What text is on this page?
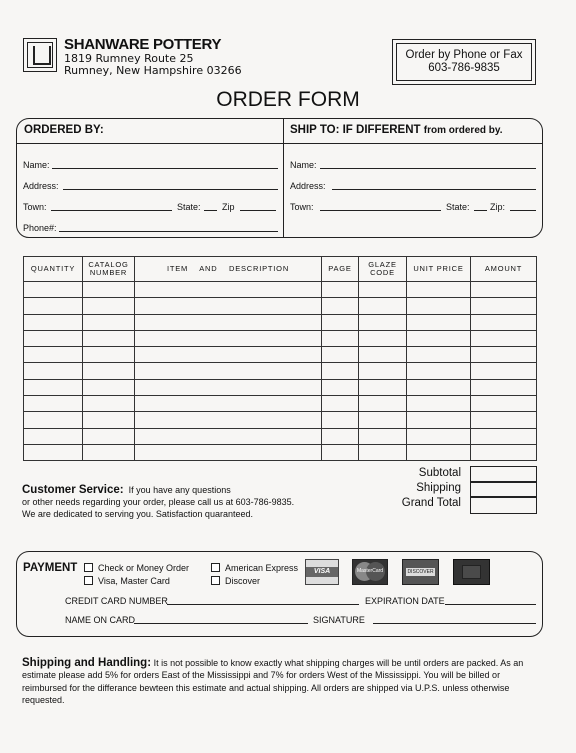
SHANWARE POTTERY
1819 Rumney Route 25
Rumney, New Hampshire 03266
Order by Phone or Fax
603-786-9835
ORDER FORM
ORDERED BY:	SHIP TO: IF DIFFERENT from ordered by.
Name:
Address:
Town:	State: Zip
Phone#:
Name:
Address:
Town:	State: Zip:
QUANTITY	CATALOG NUMBER	ITEM    AND    DESCRIPTION	PAGE	GLAZE CODE	UNIT PRICE	AMOUNT

Subtotal
Shipping
Grand Total
Customer Service: If you have any questions
or other needs regarding your order, please call us at 603-786-9835.
We are dedicated to serving you. Satisfaction quaranteed.
PAYMENT	Check or Money Order
Visa, Master Card
American Express
Discover
VISA	MasterCard	DISCOVER
CREDIT CARD NUMBER	EXPIRATION DATE
NAME ON CARD	SIGNATURE
Shipping and Handling: It is not possible to know exactly what shipping charges will be until orders are packed. As an estimate please add 5% for orders East of the Mississippi and 7% for orders West of the Mississippi. You will be billed or reimbursed for the differance bewteen this estimate and actual shipping. All orders are shipped via U.P.S. unless otherwise requested.
